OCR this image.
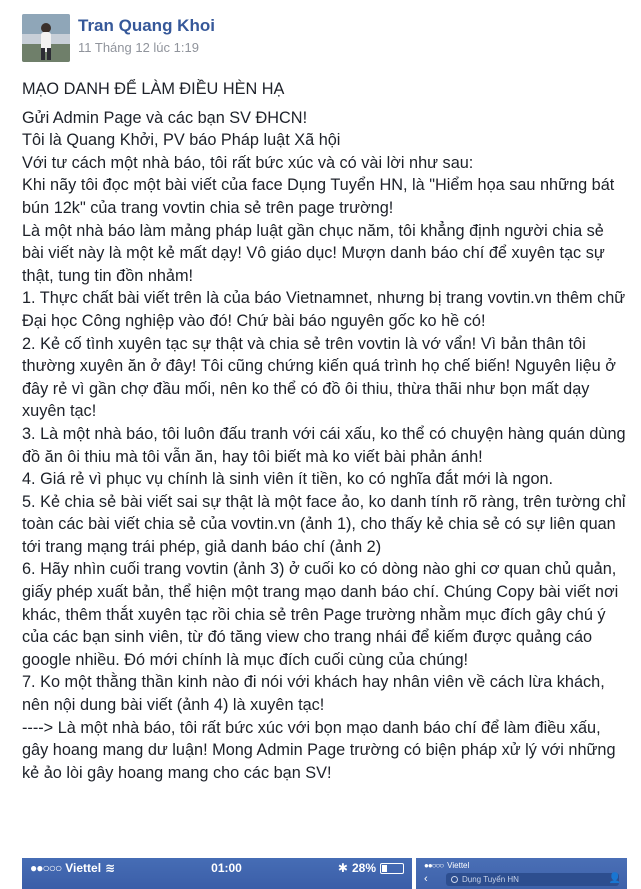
Tran Quang Khoi
11 Tháng 12 lúc 1:19

MẠO DANH ĐỂ LÀM ĐIỀU HÈN HẠ

Gửi Admin Page và các bạn SV ĐHCN!

Tôi là Quang Khởi, PV báo Pháp luật Xã hội

Với tư cách một nhà báo, tôi rất bức xúc và có vài lời như sau:

Khi nãy tôi đọc một bài viết của face Dụng Tuyển HN, là "Hiểm họa sau những bát bún 12k" của trang vovtin chia sẻ trên page trường!

Là một nhà báo làm mảng pháp luật gần chục năm, tôi khẳng định người chia sẻ bài viết này là một kẻ mất dạy! Vô giáo dục! Mượn danh báo chí để xuyên tạc sự thật, tung tin đồn nhảm!

1. Thực chất bài viết trên là của báo Vietnamnet, nhưng bị trang vovtin.vn thêm chữ Đại học Công nghiệp vào đó! Chứ bài báo nguyên gốc ko hề có!

2. Kẻ cố tình xuyên tạc sự thật và chia sẻ trên vovtin là vớ vẩn! Vì bản thân tôi thường xuyên ăn ở đây! Tôi cũng chứng kiến quá trình họ chế biến! Nguyên liệu ở đây rẻ vì gần chợ đầu mối, nên ko thể có đồ ôi thiu, thừa thãi như bọn mất dạy xuyên tạc!

3. Là một nhà báo, tôi luôn đấu tranh với cái xấu, ko thể có chuyện hàng quán dùng đồ ăn ôi thiu mà tôi vẫn ăn, hay tôi biết mà ko viết bài phản ánh!

4. Giá rẻ vì phục vụ chính là sinh viên ít tiền, ko có nghĩa đắt mới là ngon.

5. Kẻ chia sẻ bài viết sai sự thật là một face ảo, ko danh tính rõ ràng, trên tường chỉ toàn các bài viết chia sẻ của vovtin.vn (ảnh 1), cho thấy kẻ chia sẻ có sự liên quan tới trang mạng trái phép, giả danh báo chí (ảnh 2)

6. Hãy nhìn cuối trang vovtin (ảnh 3) ở cuối ko có dòng nào ghi cơ quan chủ quản, giấy phép xuất bản, thể hiện một trang mạo danh báo chí. Chúng Copy bài viết nơi khác, thêm thắt xuyên tạc rồi chia sẻ trên Page trường nhằm mục đích gây chú ý của các bạn sinh viên, từ đó tăng view cho trang nhái để kiếm được quảng cáo google nhiều. Đó mới chính là mục đích cuối cùng của chúng!

7. Ko một thằng thần kinh nào đi nói với khách hay nhân viên về cách lừa khách, nên nội dung bài viết (ảnh 4) là xuyên tạc!

----> Là một nhà báo, tôi rất bức xúc với bọn mạo danh báo chí để làm điều xấu, gây hoang mang dư luận! Mong Admin Page trường có biện pháp xử lý với những kẻ ảo lòi gây hoang mang cho các bạn SV!

●●○○○ Viettel ≋	01:00	✱ 28%	●●○○○ Viettel
‹	Dụng Tuyển HN	👤
